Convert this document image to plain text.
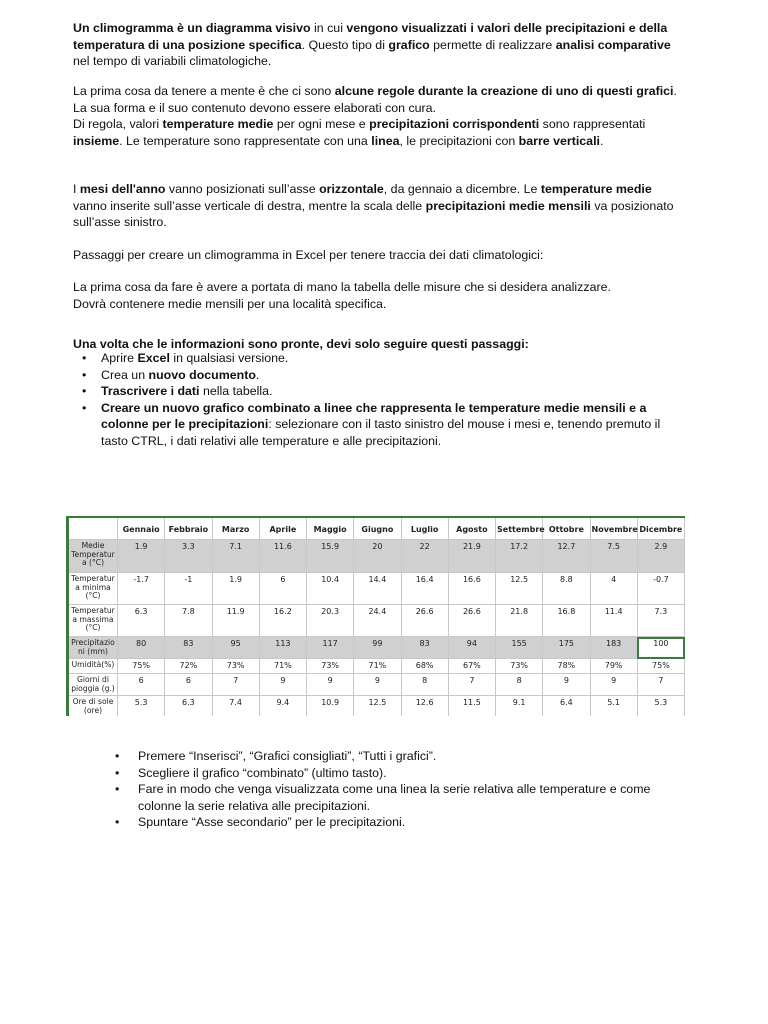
Un climogramma è un diagramma visivo in cui vengono visualizzati i valori delle precipitazioni e della temperatura di una posizione specifica. Questo tipo di grafico permette di realizzare analisi comparative nel tempo di variabili climatologiche.

La prima cosa da tenere a mente è che ci sono alcune regole durante la creazione di uno di questi grafici. La sua forma e il suo contenuto devono essere elaborati con cura.
Di regola, valori temperature medie per ogni mese e precipitazioni corrispondenti sono rappresentati insieme. Le temperature sono rappresentate con una linea, le precipitazioni con barre verticali.

I mesi dell'anno vanno posizionati sull’asse orizzontale, da gennaio a dicembre. Le temperature medie vanno inserite sull’asse verticale di destra, mentre la scala delle precipitazioni medie mensili va posizionato sull’asse sinistro.

Passaggi per creare un climogramma in Excel per tenere traccia dei dati climatologici:

La prima cosa da fare è avere a portata di mano la tabella delle misure che si desidera analizzare.
Dovrà contenere medie mensili per una località specifica.

Una volta che le informazioni sono pronte, devi solo seguire questi passaggi:

• Aprire Excel in qualsiasi versione.
• Crea un nuovo documento.
• Trascrivere i dati nella tabella.
• Creare un nuovo grafico combinato a linee che rappresenta le temperature medie mensili e a colonne per le precipitazioni: selezionare con il tasto sinistro del mouse i mesi e, tenendo premuto il tasto CTRL, i dati relativi alle temperature e alle precipitazioni.
	Gennaio	Febbraio	Marzo	Aprile	Maggio	Giugno	Luglio	Agosto	Settembre	Ottobre	Novembre	Dicembre
Medie Temperatur a (°C)	1.9	3.3	7.1	11.6	15.9	20	22	21.9	17.2	12.7	7.5	2.9
Temperatur a minima (°C)	-1.7	-1	1.9	6	10.4	14.4	16.4	16.6	12.5	8.8	4	-0.7
Temperatur a massima (°C)	6.3	7.8	11.9	16.2	20.3	24.4	26.6	26.6	21.8	16.8	11.4	7.3
Precipitazio ni (mm)	80	83	95	113	117	99	83	94	155	175	183	100
Umidità(%)	75%	72%	73%	71%	73%	71%	68%	67%	73%	78%	79%	75%
Giorni di pioggia (g.)	6	6	7	9	9	9	8	7	8	9	9	7
Ore di sole (ore)	5.3	6.3	7.4	9.4	10.9	12.5	12.6	11.5	9.1	6.4	5.1	5.3
• Premere “Inserisci”, “Grafici consigliati”, “Tutti i grafici”.
• Scegliere il grafico “combinato” (ultimo tasto).
• Fare in modo che venga visualizzata come una linea la serie relativa alle temperature e come colonne la serie relativa alle precipitazioni.
• Spuntare “Asse secondario” per le precipitazioni.
